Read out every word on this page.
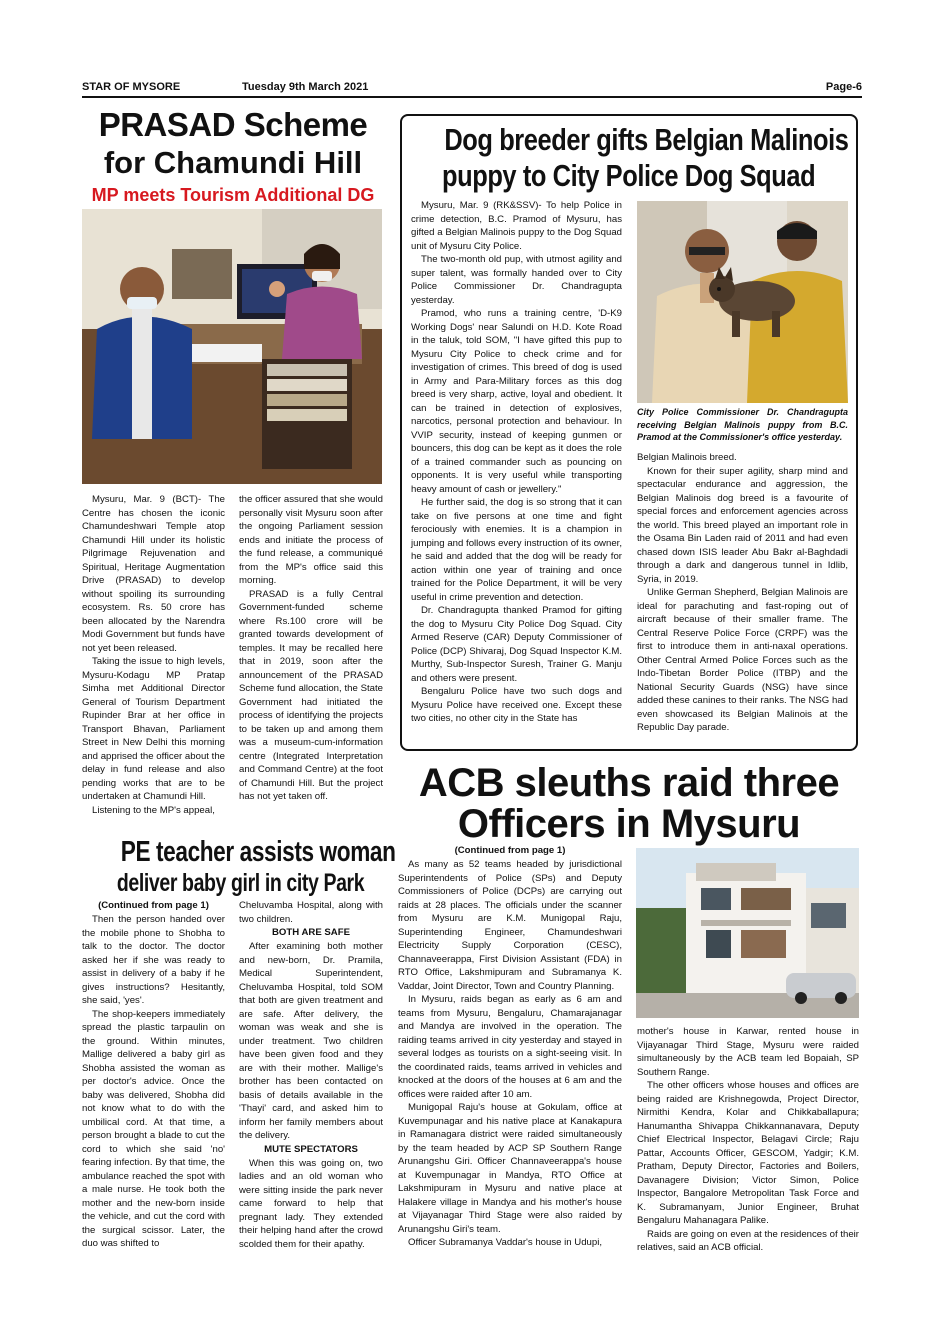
STAR OF MYSORE	Tuesday 9th March 2021	Page-6
PRASAD Scheme
for Chamundi Hill
MP meets Tourism Additional DG

Mysuru, Mar. 9 (BCT)- The Centre has chosen the iconic Chamundeshwari Temple atop Chamundi Hill under its holistic Pilgrimage Rejuvenation and Spiritual, Heritage Augmentation Drive (PRASAD) to develop without spoiling its surrounding ecosystem. Rs. 50 crore has been allocated by the Narendra Modi Government but funds have not yet been released.

Taking the issue to high levels, Mysuru-Kodagu MP Pratap Simha met Additional Director General of Tourism Department Rupinder Brar at her office in Transport Bhavan, Parliament Street in New Delhi this morning and apprised the officer about the delay in fund release and also pending works that are to be undertaken at Chamundi Hill.

Listening to the MP's appeal,

the officer assured that she would personally visit Mysuru soon after the ongoing Parliament session ends and initiate the process of the fund release, a communiqué from the MP's office said this morning.

PRASAD is a fully Central Government-funded scheme where Rs.100 crore will be granted towards development of temples. It may be recalled here that in 2019, soon after the announcement of the PRASAD Scheme fund allocation, the State Government had initiated the process of identifying the projects to be taken up and among them was a museum-cum-information centre (Integrated Interpretation and Command Centre) at the foot of Chamundi Hill. But the project has not yet taken off.

Dog breeder gifts Belgian Malinois
puppy to City Police Dog Squad

Mysuru, Mar. 9 (RK&SSV)- To help Police in crime detection, B.C. Pramod of Mysuru, has gifted a Belgian Malinois puppy to the Dog Squad unit of Mysuru City Police.

The two-month old pup, with utmost agility and super talent, was formally handed over to City Police Commissioner Dr. Chandragupta yesterday.

Pramod, who runs a training centre, 'D-K9 Working Dogs' near Salundi on H.D. Kote Road in the taluk, told SOM, "I have gifted this pup to Mysuru City Police to check crime and for investigation of crimes. This breed of dog is used in Army and Para-Military forces as this dog breed is very sharp, active, loyal and obedient. It can be trained in detection of explosives, narcotics, personal protection and behaviour. In VVIP security, instead of keeping gunmen or bouncers, this dog can be kept as it does the role of a trained commander such as pouncing on opponents. It is very useful while transporting heavy amount of cash or jewellery."

He further said, the dog is so strong that it can take on five persons at one time and fight ferociously with enemies. It is a champion in jumping and follows every instruction of its owner, he said and added that the dog will be ready for action within one year of training and once trained for the Police Department, it will be very useful in crime prevention and detection.

Dr. Chandragupta thanked Pramod for gifting the dog to Mysuru City Police Dog Squad. City Armed Reserve (CAR) Deputy Commissioner of Police (DCP) Shivaraj, Dog Squad Inspector K.M. Murthy, Sub-Inspector Suresh, Trainer G. Manju and others were present.

Bengaluru Police have two such dogs and Mysuru Police have received one. Except these two cities, no other city in the State has

City Police Commissioner Dr. Chandragupta receiving Belgian Malinois puppy from B.C. Pramod at the Commissioner's office yesterday.

Belgian Malinois breed.

Known for their super agility, sharp mind and spectacular endurance and aggression, the Belgian Malinois dog breed is a favourite of special forces and enforcement agencies across the world. This breed played an important role in the Osama Bin Laden raid of 2011 and had even chased down ISIS leader Abu Bakr al-Baghdadi through a dark and dangerous tunnel in Idlib, Syria, in 2019.

Unlike German Shepherd, Belgian Malinois are ideal for parachuting and fast-roping out of aircraft because of their smaller frame. The Central Reserve Police Force (CRPF) was the first to introduce them in anti-naxal operations. Other Central Armed Police Forces such as the Indo-Tibetan Border Police (ITBP) and the National Security Guards (NSG) have since added these canines to their ranks. The NSG had even showcased its Belgian Malinois at the Republic Day parade.

PE teacher assists woman
deliver baby girl in city Park

(Continued from page 1)

Then the person handed over the mobile phone to Shobha to talk to the doctor. The doctor asked her if she was ready to assist in delivery of a baby if he gives instructions? Hesitantly, she said, 'yes'.

The shop-keepers immediately spread the plastic tarpaulin on the ground. Within minutes, Mallige delivered a baby girl as Shobha assisted the woman as per doctor's advice. Once the baby was delivered, Shobha did not know what to do with the umbilical cord. At that time, a person brought a blade to cut the cord to which she said 'no' fearing infection. By that time, the ambulance reached the spot with a male nurse. He took both the mother and the new-born inside the vehicle, and cut the cord with the surgical scissor. Later, the duo was shifted to

Cheluvamba Hospital, along with two children.

BOTH ARE SAFE

After examining both mother and new-born, Dr. Pramila, Medical Superintendent, Cheluvamba Hospital, told SOM that both are given treatment and are safe. After delivery, the woman was weak and she is under treatment. Two children have been given food and they are with their mother. Mallige's brother has been contacted on basis of details available in the 'Thayi' card, and asked him to inform her family members about the delivery.

MUTE SPECTATORS

When this was going on, two ladies and an old woman who were sitting inside the park never came forward to help that pregnant lady. They extended their helping hand after the crowd scolded them for their apathy.

ACB sleuths raid three
Officers in Mysuru

(Continued from page 1)

As many as 52 teams headed by jurisdictional Superintendents of Police (SPs) and Deputy Commissioners of Police (DCPs) are carrying out raids at 28 places. The officials under the scanner from Mysuru are K.M. Munigopal Raju, Superintending Engineer, Chamundeshwari Electricity Supply Corporation (CESC), Channaveerappa, First Division Assistant (FDA) in RTO Office, Lakshmipuram and Subramanya K. Vaddar, Joint Director, Town and Country Planning.

In Mysuru, raids began as early as 6 am and teams from Mysuru, Bengaluru, Chamarajanagar and Mandya are involved in the operation. The raiding teams arrived in city yesterday and stayed in several lodges as tourists on a sight-seeing visit. In the coordinated raids, teams arrived in vehicles and knocked at the doors of the houses at 6 am and the offices were raided after 10 am.

Munigopal Raju's house at Gokulam, office at Kuvempunagar and his native place at Kanakapura in Ramanagara district were raided simultaneously by the team headed by ACP SP Southern Range Arunangshu Giri. Officer Channaveerappa's house at Kuvempunagar in Mandya, RTO Office at Lakshmipuram in Mysuru and native place at Halakere village in Mandya and his mother's house at Vijayanagar Third Stage were also raided by Arunangshu Giri's team.

Officer Subramanya Vaddar's house in Udupi,

mother's house in Karwar, rented house in Vijayanagar Third Stage, Mysuru were raided simultaneously by the ACB team led Bopaiah, SP Southern Range.

The other officers whose houses and offices are being raided are Krishnegowda, Project Director, Nirmithi Kendra, Kolar and Chikkaballapura; Hanumantha Shivappa Chikkannanavara, Deputy Chief Electrical Inspector, Belagavi Circle; Raju Pattar, Accounts Officer, GESCOM, Yadgir; K.M. Pratham, Deputy Director, Factories and Boilers, Davanagere Division; Victor Simon, Police Inspector, Bangalore Metropolitan Task Force and K. Subramanyam, Junior Engineer, Bruhat Bengaluru Mahanagara Palike.

Raids are going on even at the residences of their relatives, said an ACB official.
